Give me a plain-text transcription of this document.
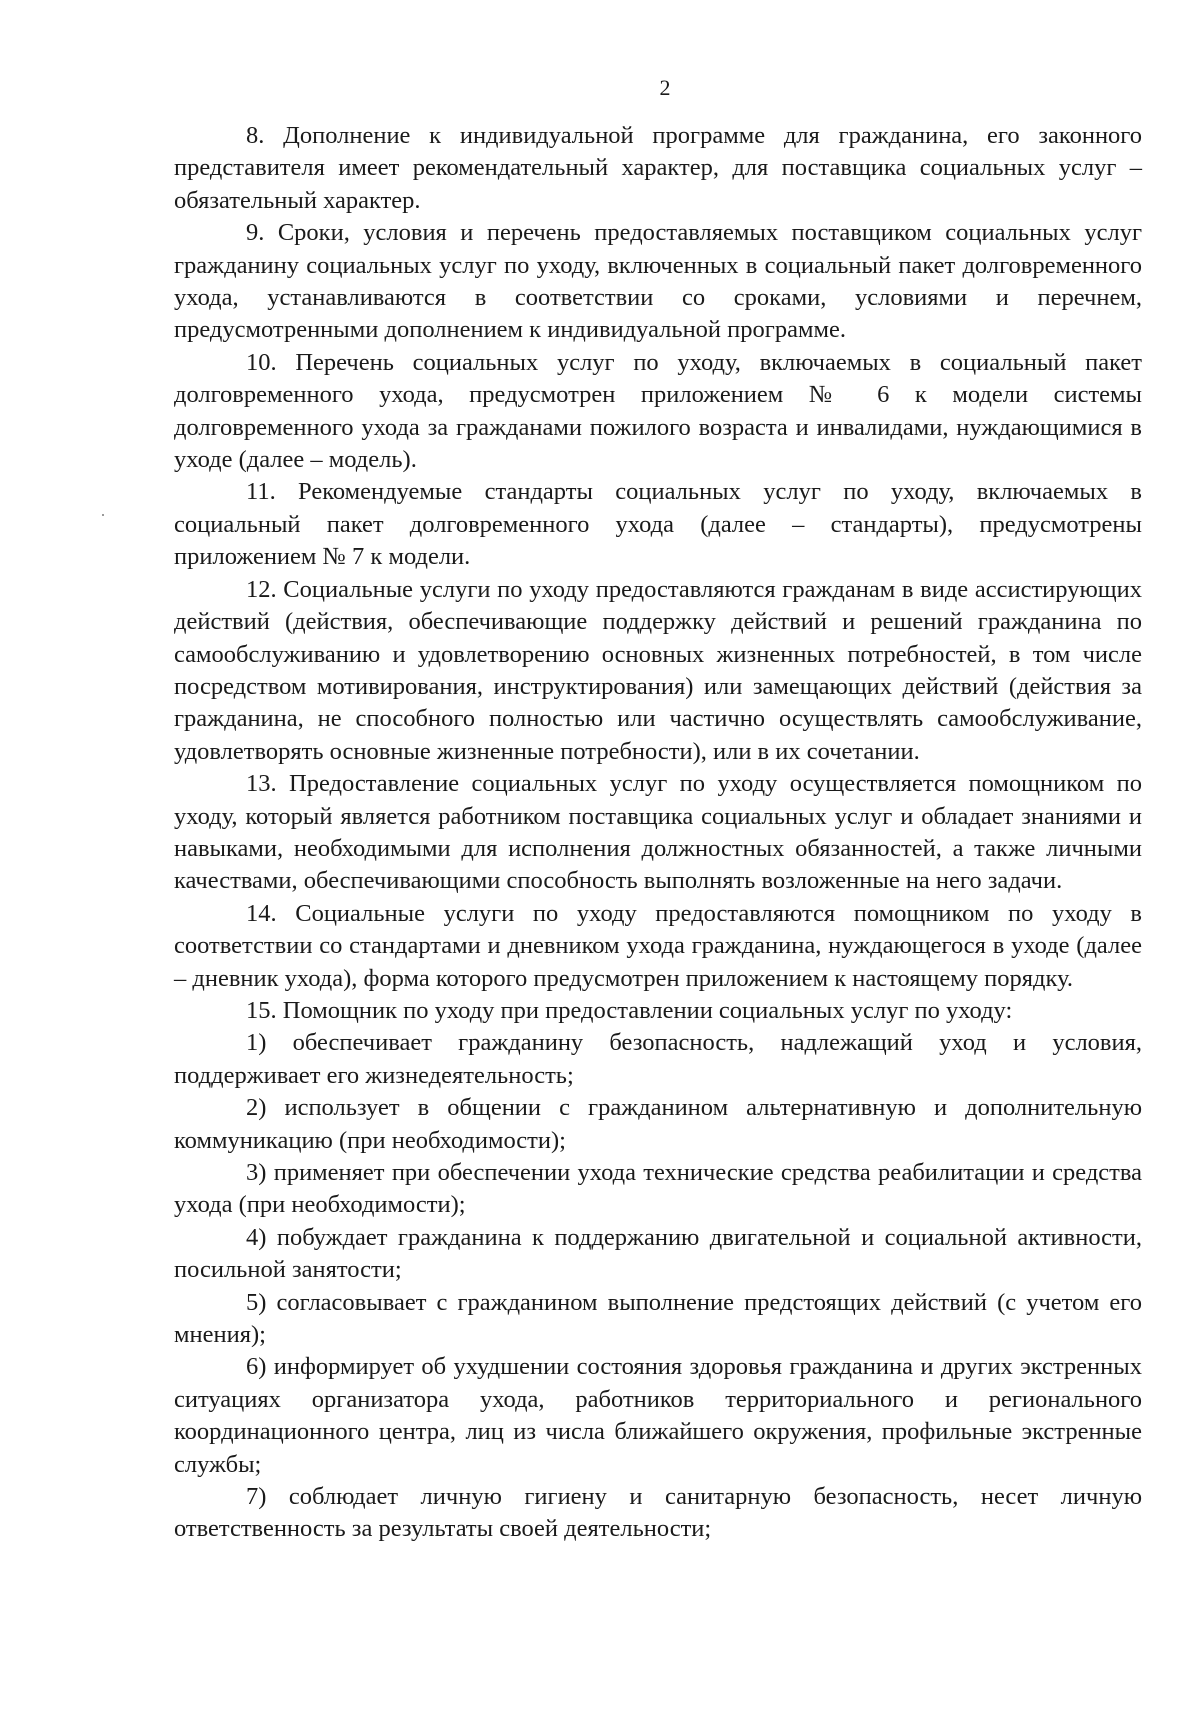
2

8. Дополнение к индивидуальной программе для гражданина, его законного представителя имеет рекомендательный характер, для поставщика социальных услуг – обязательный характер.

9. Сроки, условия и перечень предоставляемых поставщиком социальных услуг гражданину социальных услуг по уходу, включенных в социальный пакет долговременного ухода, устанавливаются в соответствии со сроками, условиями и перечнем, предусмотренными дополнением к индивидуальной программе.

10. Перечень социальных услуг по уходу, включаемых в социальный пакет долговременного ухода, предусмотрен приложением № 6 к модели системы долговременного ухода за гражданами пожилого возраста и инвалидами, нуждающимися в уходе (далее – модель).

11. Рекомендуемые стандарты социальных услуг по уходу, включаемых в социальный пакет долговременного ухода (далее – стандарты), предусмотрены приложением № 7 к модели.

12. Социальные услуги по уходу предоставляются гражданам в виде ассистирующих действий (действия, обеспечивающие поддержку действий и решений гражданина по самообслуживанию и удовлетворению основных жизненных потребностей, в том числе посредством мотивирования, инструктирования) или замещающих действий (действия за гражданина, не способного полностью или частично осуществлять самообслуживание, удовлетворять основные жизненные потребности), или в их сочетании.

13. Предоставление социальных услуг по уходу осуществляется помощником по уходу, который является работником поставщика социальных услуг и обладает знаниями и навыками, необходимыми для исполнения должностных обязанностей, а также личными качествами, обеспечивающими способность выполнять возложенные на него задачи.

14. Социальные услуги по уходу предоставляются помощником по уходу в соответствии со стандартами и дневником ухода гражданина, нуждающегося в уходе (далее – дневник ухода), форма которого предусмотрен приложением к настоящему порядку.

15. Помощник по уходу при предоставлении социальных услуг по уходу:

1) обеспечивает гражданину безопасность, надлежащий уход и условия, поддерживает его жизнедеятельность;

2) использует в общении с гражданином альтернативную и дополнительную коммуникацию (при необходимости);

3) применяет при обеспечении ухода технические средства реабилитации и средства ухода (при необходимости);

4) побуждает гражданина к поддержанию двигательной и социальной активности, посильной занятости;

5) согласовывает с гражданином выполнение предстоящих действий (с учетом его мнения);

6) информирует об ухудшении состояния здоровья гражданина и других экстренных ситуациях организатора ухода, работников территориального и регионального координационного центра, лиц из числа ближайшего окружения, профильные экстренные службы;

7) соблюдает личную гигиену и санитарную безопасность, несет личную ответственность за результаты своей деятельности;
